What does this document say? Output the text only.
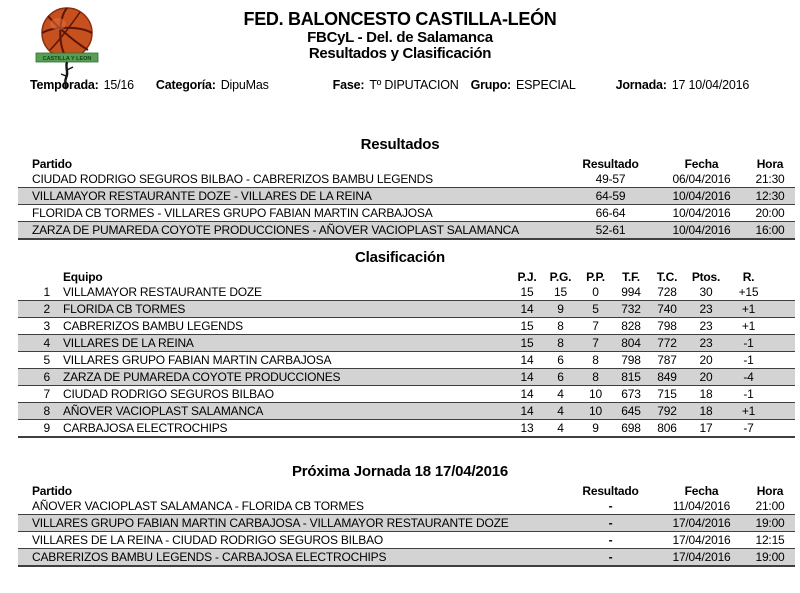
CASTILLA Y LEON
FED. BALONCESTO CASTILLA-LEÓN
FBCyL - Del. de Salamanca
Resultados y Clasificación
Temporada: 15/16 Categoría: DipuMas	Fase: Tº DIPUTACION Grupo: ESPECIAL	Jornada: 17 10/04/2016
Resultados
Partido	Resultado	Fecha	Hora
CIUDAD RODRIGO SEGUROS BILBAO - CABRERIZOS BAMBU LEGENDS	49-57	06/04/2016	21:30
VILLAMAYOR RESTAURANTE DOZE - VILLARES DE LA REINA	64-59	10/04/2016	12:30
FLORIDA CB TORMES - VILLARES GRUPO FABIAN MARTIN CARBAJOSA	66-64	10/04/2016	20:00
ZARZA DE PUMAREDA COYOTE PRODUCCIONES - AÑOVER VACIOPLAST SALAMANCA	52-61	10/04/2016	16:00
Clasificación
	Equipo	P.J.	P.G.	P.P.	T.F.	T.C.	Ptos.	R.
1	VILLAMAYOR RESTAURANTE DOZE	15	15	0	994	728	30	+15
2	FLORIDA CB TORMES	14	9	5	732	740	23	+1
3	CABRERIZOS BAMBU LEGENDS	15	8	7	828	798	23	+1
4	VILLARES DE LA REINA	15	8	7	804	772	23	-1
5	VILLARES GRUPO FABIAN MARTIN CARBAJOSA	14	6	8	798	787	20	-1
6	ZARZA DE PUMAREDA COYOTE PRODUCCIONES	14	6	8	815	849	20	-4
7	CIUDAD RODRIGO SEGUROS BILBAO	14	4	10	673	715	18	-1
8	AÑOVER VACIOPLAST SALAMANCA	14	4	10	645	792	18	+1
9	CARBAJOSA ELECTROCHIPS	13	4	9	698	806	17	-7
Próxima Jornada 18 17/04/2016
Partido	Resultado	Fecha	Hora
AÑOVER VACIOPLAST SALAMANCA - FLORIDA CB TORMES	-	11/04/2016	21:00
VILLARES GRUPO FABIAN MARTIN CARBAJOSA - VILLAMAYOR RESTAURANTE DOZE	-	17/04/2016	19:00
VILLARES DE LA REINA - CIUDAD RODRIGO SEGUROS BILBAO	-	17/04/2016	12:15
CABRERIZOS BAMBU LEGENDS - CARBAJOSA ELECTROCHIPS	-	17/04/2016	19:00
